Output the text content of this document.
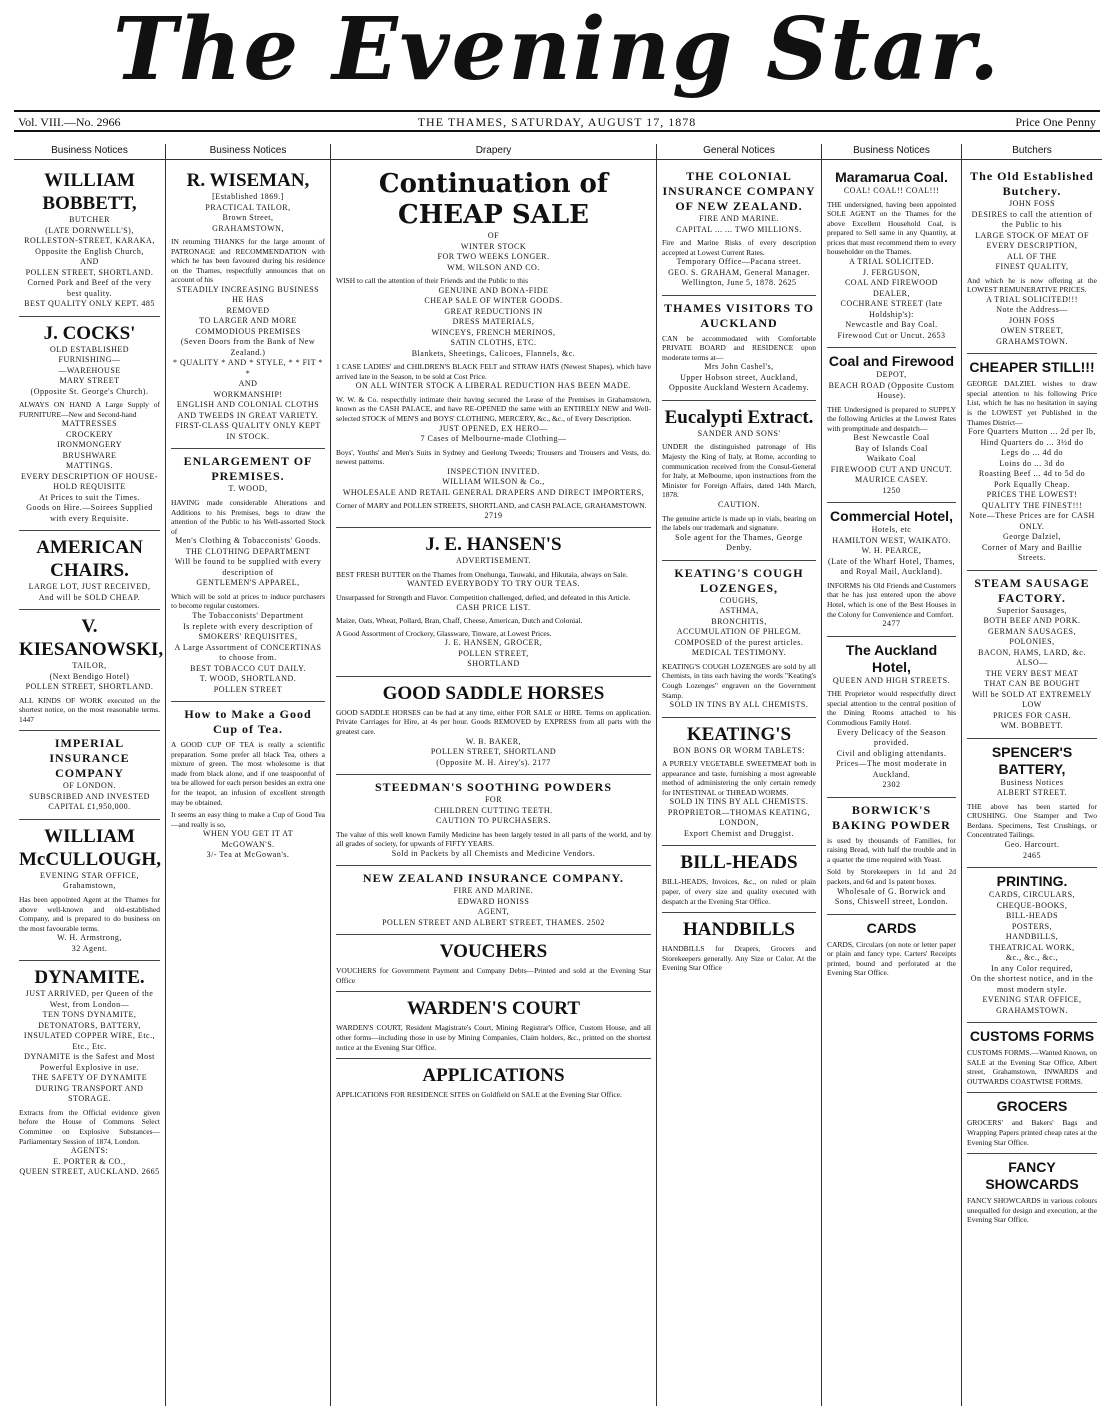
The Evening Star.
Vol. VIII.—No. 2966	THE THAMES, SATURDAY, AUGUST 17, 1878	Price One Penny
Business Notices
WILLIAM BOBBETT,
BUTCHER
(LATE DORNWELL'S),
ROLLESTON-STREET, KARAKA,
Opposite the English Church,
AND
POLLEN STREET, SHORTLAND.
Corned Pork and Beef of the very best quality.
BEST QUALITY ONLY KEPT. 485
J. COCKS'
OLD ESTABLISHED
FURNISHING—
—WAREHOUSE
MARY STREET
(Opposite St. George's Church).
ALWAYS ON HAND A Large Supply of FURNITURE—New and Second-hand
MATTRESSES
CROCKERY
IRONMONGERY
BRUSHWARE
MATTINGS.
EVERY DESCRIPTION OF HOUSE-HOLD REQUISITE
At Prices to suit the Times.
Goods on Hire.—Soirees Supplied with every Requisite.
AMERICAN CHAIRS.
LARGE LOT, JUST RECEIVED,
And will be SOLD CHEAP.
V. KIESANOWSKI,
TAILOR,
(Next Bendigo Hotel)
POLLEN STREET, SHORTLAND.
ALL KINDS OF WORK executed on the shortest notice, on the most reasonable terms. 1447
IMPERIAL INSURANCE COMPANY
OF LONDON.
SUBSCRIBED AND INVESTED
CAPITAL £1,950,000.
WILLIAM McCULLOUGH,
EVENING STAR OFFICE,
Grahamstown,
Has been appointed Agent at the Thames for above well-known and old-established Company, and is prepared to do business on the most favourable terms.
W. H. Armstrong,
32 Agent.
DYNAMITE.
JUST ARRIVED, per Queen of the West, from London—
TEN TONS DYNAMITE,
DETONATORS, BATTERY, INSULATED COPPER WIRE, Etc., Etc., Etc.
DYNAMITE is the Safest and Most Powerful Explosive in use.
THE SAFETY OF DYNAMITE DURING TRANSPORT AND STORAGE.
Extracts from the Official evidence given before the House of Commons Select Committee on Explosive Substances—Parliamentary Session of 1874, London.
AGENTS:
E. PORTER & CO.,
QUEEN STREET, AUCKLAND. 2665
Business Notices
R. WISEMAN,
[Established 1869.]
PRACTICAL TAILOR,
Brown Street,
GRAHAMSTOWN,
IN returning THANKS for the large amount of PATRONAGE and RECOMMENDATION with which he has been favoured during his residence on the Thames, respectfully announces that on account of his
STEADILY INCREASING BUSINESS
HE HAS
REMOVED
TO LARGER AND MORE COMMODIOUS PREMISES
(Seven Doors from the Bank of New Zealand.)
* QUALITY * AND * STYLE, * * FIT * *
AND
WORKMANSHIP!
ENGLISH AND COLONIAL CLOTHS AND TWEEDS IN GREAT VARIETY.
FIRST-CLASS QUALITY ONLY KEPT IN STOCK.
ENLARGEMENT OF PREMISES.
T. WOOD,
HAVING made considerable Alterations and Additions to his Premises, begs to draw the attention of the Public to his Well-assorted Stock of
Men's Clothing & Tobacconists' Goods.
THE CLOTHING DEPARTMENT
Will be found to be supplied with every description of
GENTLEMEN'S APPAREL,
Which will be sold at prices to induce purchasers to become regular customers.
The Tobacconists' Department
Is replete with every description of SMOKERS' REQUISITES,
A Large Assortment of CONCERTINAS to choose from.
BEST TOBACCO CUT DAILY.
T. WOOD, SHORTLAND.
POLLEN STREET
How to Make a Good Cup of Tea.
A GOOD CUP OF TEA is really a scientific preparation. Some prefer all black Tea, others a mixture of green. The most wholesome is that made from black alone, and if one teaspoonful of tea be allowed for each person besides an extra one for the teapot, an infusion of excellent strength may be obtained.
It seems an easy thing to make a Cup of Good Tea—and really is so,
WHEN YOU GET IT AT
McGOWAN'S.
3/- Tea at McGowan's.
Drapery
Continuation of CHEAP SALE
OF
WINTER STOCK
FOR TWO WEEKS LONGER.
WM. WILSON AND CO.
WISH to call the attention of their Friends and the Public to this
GENUINE AND BONA-FIDE
CHEAP SALE OF WINTER GOODS.
GREAT REDUCTIONS IN
DRESS MATERIALS,
WINCEYS, FRENCH MERINOS,
SATIN CLOTHS, ETC.
Blankets, Sheetings, Calicoes, Flannels, &c.
1 CASE LADIES' and CHILDREN'S BLACK FELT and STRAW HATS (Newest Shapes), which have arrived late in the Season, to be sold at Cost Price.
ON ALL WINTER STOCK A LIBERAL REDUCTION HAS BEEN MADE.
W. W. & Co. respectfully intimate their having secured the Lease of the Premises in Grahamstown, known as the CASH PALACE, and have RE-OPENED the same with an ENTIRELY NEW and Well-selected STOCK of MEN'S and BOYS' CLOTHING, MERCERY, &c., &c., of Every Description.
JUST OPENED, EX HERO—
7 Cases of Melbourne-made Clothing—
Boys', Youths' and Men's Suits in Sydney and Geelong Tweeds; Trousers and Trousers and Vests, do. newest patterns.
INSPECTION INVITED.
WILLIAM WILSON & Co.,
WHOLESALE AND RETAIL GENERAL DRAPERS AND DIRECT IMPORTERS,
Corner of MARY and POLLEN STREETS, SHORTLAND, and CASH PALACE, GRAHAMSTOWN.
2719
J. E. HANSEN'S
ADVERTISEMENT.
BEST FRESH BUTTER on the Thames from Onehunga, Tauwaki, and Hikutaia, always on Sale.
WANTED EVERYBODY TO TRY OUR TEAS.
Unsurpassed for Strength and Flavor. Competition challenged, defied, and defeated in this Article.
CASH PRICE LIST.
Maize, Oats, Wheat, Pollard, Bran, Chaff, Cheese, American, Dutch and Colonial.
A Good Assortment of Crockery, Glassware, Tinware, at Lowest Prices.
J. E. HANSEN, GROCER,
POLLEN STREET,
SHORTLAND
GOOD SADDLE HORSES
GOOD SADDLE HORSES can be had at any time, either FOR SALE or HIRE. Terms on application. Private Carriages for Hire, at 4s per hour. Goods REMOVED by EXPRESS from all parts with the greatest care.
W. B. BAKER,
POLLEN STREET, SHORTLAND
(Opposite M. H. Airey's). 2177
STEEDMAN'S SOOTHING POWDERS
FOR
CHILDREN CUTTING TEETH.
CAUTION TO PURCHASERS.
The value of this well known Family Medicine has been largely tested in all parts of the world, and by all grades of society, for upwards of FIFTY YEARS.
Sold in Packets by all Chemists and Medicine Vendors.
NEW ZEALAND INSURANCE COMPANY.
FIRE AND MARINE.
EDWARD HONISS
AGENT,
POLLEN STREET AND ALBERT STREET, THAMES. 2502
VOUCHERS
VOUCHERS for Government Payment and Company Debts—Printed and sold at the Evening Star Office
WARDEN'S COURT
WARDEN'S COURT, Resident Magistrate's Court, Mining Registrar's Office, Custom House, and all other forms—including those in use by Mining Companies, Claim holders, &c., printed on the shortest notice at the Evening Star Office.
APPLICATIONS
APPLICATIONS FOR RESIDENCE SITES on Goldfield on SALE at the Evening Star Office.
General Notices
THE COLONIAL INSURANCE COMPANY OF NEW ZEALAND.
FIRE AND MARINE.
CAPITAL ... ... TWO MILLIONS.
Fire and Marine Risks of every description accepted at Lowest Current Rates.
Temporary Office—Pacana street.
GEO. S. GRAHAM, General Manager.
Wellington, June 5, 1878. 2625
THAMES VISITORS TO AUCKLAND
CAN be accommodated with Comfortable PRIVATE BOARD and RESIDENCE upon moderate terms at—
Mrs John Cashel's,
Upper Hobson street, Auckland,
Opposite Auckland Western Academy.
Eucalypti Extract.
SANDER AND SONS'
UNDER the distinguished patronage of His Majesty the King of Italy, at Rome, according to communication received from the Consul-General for Italy, at Melbourne, upon instructions from the Minister for Foreign Affairs, dated 14th March, 1878.
CAUTION.
The genuine article is made up in vials, bearing on the labels our trademark and signature.
Sole agent for the Thames, George Denby.
KEATING'S COUGH LOZENGES,
COUGHS,
ASTHMA,
BRONCHITIS,
ACCUMULATION OF PHLEGM.
COMPOSED of the purest articles.
MEDICAL TESTIMONY.
KEATING'S COUGH LOZENGES are sold by all Chemists, in tins each having the words "Keating's Cough Lozenges" engraven on the Government Stamp.
SOLD IN TINS BY ALL CHEMISTS.
KEATING'S
BON BONS OR WORM TABLETS:
A PURELY VEGETABLE SWEETMEAT both in appearance and taste, furnishing a most agreeable method of administering the only certain remedy for INTESTINAL or THREAD WORMS.
SOLD IN TINS BY ALL CHEMISTS.
PROPRIETOR—THOMAS KEATING,
LONDON,
Export Chemist and Druggist.
BILL-HEADS
BILL-HEADS, Invoices, &c., on ruled or plain paper, of every size and quality executed with despatch at the Evening Star Office.
HANDBILLS
HANDBILLS for Drapers, Grocers and Storekeepers generally. Any Size or Color. At the Evening Star Office
Business Notices
Maramarua Coal.
COAL! COAL!! COAL!!!
THE undersigned, having been appointed SOLE AGENT on the Thames for the above Excellent Household Coal, is prepared to Sell same in any Quantity, at prices that must recommend them to every householder on the Thames.
A TRIAL SOLICITED.
J. FERGUSON,
COAL AND FIREWOOD DEALER,
COCHRANE STREET (late Holdship's):
Newcastle and Bay Coal. Firewood Cut or Uncut. 2653
Coal and Firewood
DEPOT,
BEACH ROAD (Opposite Custom House).
THE Undersigned is prepared to SUPPLY the following Articles at the Lowest Rates with promptitude and despatch—
Best Newcastle Coal
Bay of Islands Coal
Waikato Coal
FIREWOOD CUT AND UNCUT.
MAURICE CASEY.
1250
Commercial Hotel,
Hotels, etc
HAMILTON WEST, WAIKATO.
W. H. PEARCE,
(Late of the Wharf Hotel, Thames, and Royal Mail, Auckland).
INFORMS his Old Friends and Customers that he has just entered upon the above Hotel, which is one of the Best Houses in the Colony for Convenience and Comfort.
2477
The Auckland Hotel,
QUEEN AND HIGH STREETS.
THE Proprietor would respectfully direct special attention to the central position of the Dining Rooms attached to his Commodious Family Hotel.
Every Delicacy of the Season provided.
Civil and obliging attendants.
Prices—The most moderate in Auckland.
2302
BORWICK'S BAKING POWDER
is used by thousands of Families, for raising Bread, with half the trouble and in a quarter the time required with Yeast.
Sold by Storekeepers in 1d and 2d packets, and 6d and 1s patent boxes.
Wholesale of G. Borwick and Sons, Chiswell street, London.
CARDS
CARDS, Circulars (on note or letter paper or plain and fancy type. Carters' Receipts printed, bound and perforated at the Evening Star Office.
Butchers
The Old Established Butchery.
JOHN FOSS
DESIRES to call the attention of the Public to his
LARGE STOCK OF MEAT OF EVERY DESCRIPTION,
ALL OF THE
FINEST QUALITY,
And which he is now offering at the LOWEST REMUNERATIVE PRICES.
A TRIAL SOLICITED!!!
Note the Address—
JOHN FOSS
OWEN STREET,
GRAHAMSTOWN.
CHEAPER STILL!!!
GEORGE DALZIEL wishes to draw special attention to his following Price List, which he has no hesitation in saying is the LOWEST yet Published in the Thames District—
Fore Quarters Mutton ... 2d per lb,
Hind Quarters do ... 3½d do
Legs do ... 4d do
Loins do ... 3d do
Roasting Beef ... 4d to 5d do
Pork Equally Cheap.
PRICES THE LOWEST!
QUALITY THE FINEST!!!
Note—These Prices are for CASH ONLY.
George Dalziel,
Corner of Mary and Baillie Streets.
STEAM SAUSAGE FACTORY.
Superior Sausages,
BOTH BEEF AND PORK.
GERMAN SAUSAGES, POLONIES,
BACON, HAMS, LARD, &c.
ALSO—
THE VERY BEST MEAT
THAT CAN BE BOUGHT
Will be SOLD AT EXTREMELY LOW
PRICES FOR CASH.
WM. BOBBETT.
SPENCER'S BATTERY,
Business Notices
ALBERT STREET.
THE above has been started for CRUSHING. One Stamper and Two Berdans. Specimens, Test Crushings, or Concentrated Tailings.
Geo. Harcourt.
2465
PRINTING.
CARDS, CIRCULARS,
CHEQUE-BOOKS,
BILL-HEADS
POSTERS,
HANDBILLS,
THEATRICAL WORK,
&c., &c., &c.,
In any Color required,
On the shortest notice, and in the most modern style.
EVENING STAR OFFICE,
GRAHAMSTOWN.
CUSTOMS FORMS
CUSTOMS FORMS.—Wanted Known, on SALE at the Evening Star Office, Albert street, Grahamstown, INWARDS and OUTWARDS COASTWISE FORMS.
GROCERS
GROCERS' and Bakers' Bags and Wrapping Papers printed cheap rates at the Evening Star Office.
FANCY SHOWCARDS
FANCY SHOWCARDS in various colours unequalled for design and execution, at the Evening Star Office.
